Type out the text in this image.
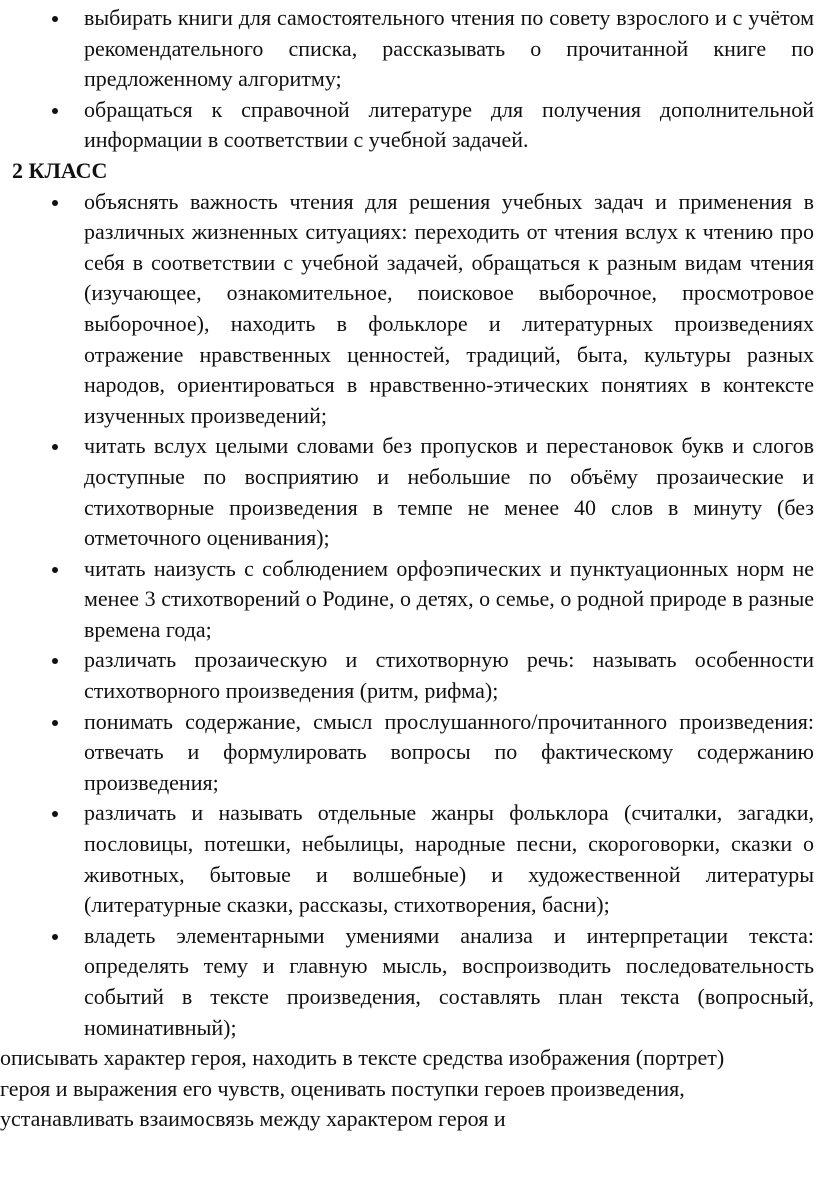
выбирать книги для самостоятельного чтения по совету взрослого и с учётом рекомендательного списка, рассказывать о прочитанной книге по предложенному алгоритму;
обращаться к справочной литературе для получения дополнительной информации в соответствии с учебной задачей.
2 КЛАСС
объяснять важность чтения для решения учебных задач и применения в различных жизненных ситуациях: переходить от чтения вслух к чтению про себя в соответствии с учебной задачей, обращаться к разным видам чтения (изучающее, ознакомительное, поисковое выборочное, просмотровое выборочное), находить в фольклоре и литературных произведениях отражение нравственных ценностей, традиций, быта, культуры разных народов, ориентироваться в нравственно-этических понятиях в контексте изученных произведений;
читать вслух целыми словами без пропусков и перестановок букв и слогов доступные по восприятию и небольшие по объёму прозаические и стихотворные произведения в темпе не менее 40 слов в минуту (без отметочного оценивания);
читать наизусть с соблюдением орфоэпических и пунктуационных норм не менее 3 стихотворений о Родине, о детях, о семье, о родной природе в разные времена года;
различать прозаическую и стихотворную речь: называть особенности стихотворного произведения (ритм, рифма);
понимать содержание, смысл прослушанного/прочитанного произведения: отвечать и формулировать вопросы по фактическому содержанию произведения;
различать и называть отдельные жанры фольклора (считалки, загадки, пословицы, потешки, небылицы, народные песни, скороговорки, сказки о животных, бытовые и волшебные) и художественной литературы (литературные сказки, рассказы, стихотворения, басни);
владеть элементарными умениями анализа и интерпретации текста: определять тему и главную мысль, воспроизводить последовательность событий в тексте произведения, составлять план текста (вопросный, номинативный);
описывать характер героя, находить в тексте средства изображения (портрет)
героя и выражения его чувств, оценивать поступки героев произведения,
устанавливать взаимосвязь между характером героя и
